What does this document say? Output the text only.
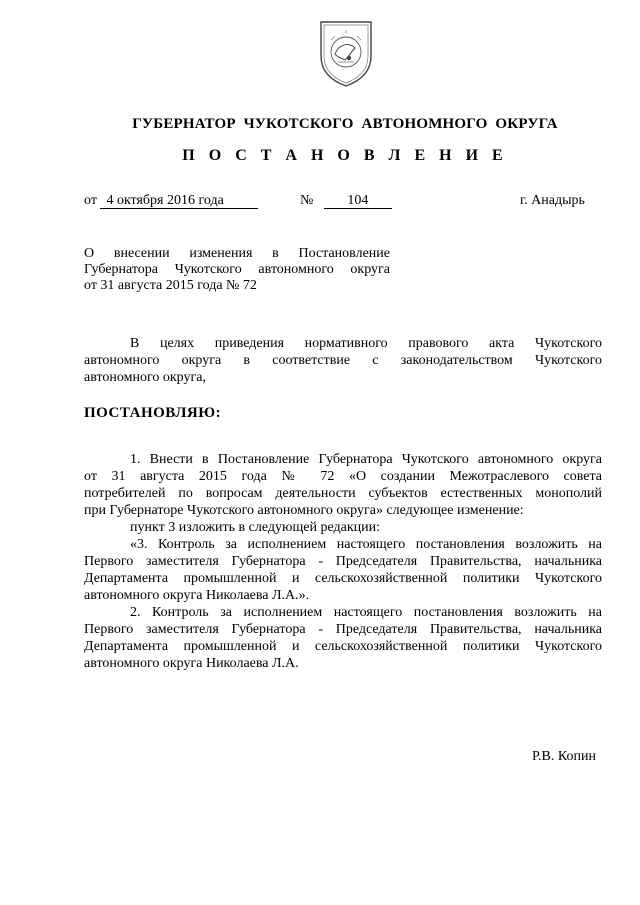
ГУБЕРНАТОР  ЧУКОТСКОГО  АВТОНОМНОГО  ОКРУГА
П О С Т А Н О В Л Е Н И Е
от 4 октября 2016 года	№ 104	г. Анадырь
О внесении изменения в Постановление
Губернатора Чукотского автономного округа
от 31 августа 2015 года № 72
В целях приведения нормативного правового акта Чукотского
автономного округа в соответствие с законодательством Чукотского
автономного округа,
ПОСТАНОВЛЯЮ:
1. Внести в Постановление Губернатора Чукотского автономного округа
от 31 августа 2015 года № 72 «О создании Межотраслевого совета
потребителей по вопросам деятельности субъектов естественных монополий
при Губернаторе Чукотского автономного округа» следующее изменение:
пункт 3 изложить в следующей редакции:
«3. Контроль за исполнением настоящего постановления возложить на
Первого заместителя Губернатора - Председателя Правительства, начальника
Департамента промышленной и сельскохозяйственной политики Чукотского
автономного округа Николаева Л.А.».
2. Контроль за исполнением настоящего постановления возложить на
Первого заместителя Губернатора - Председателя Правительства, начальника
Департамента промышленной и сельскохозяйственной политики Чукотского
автономного округа Николаева Л.А.
Р.В. Копин
